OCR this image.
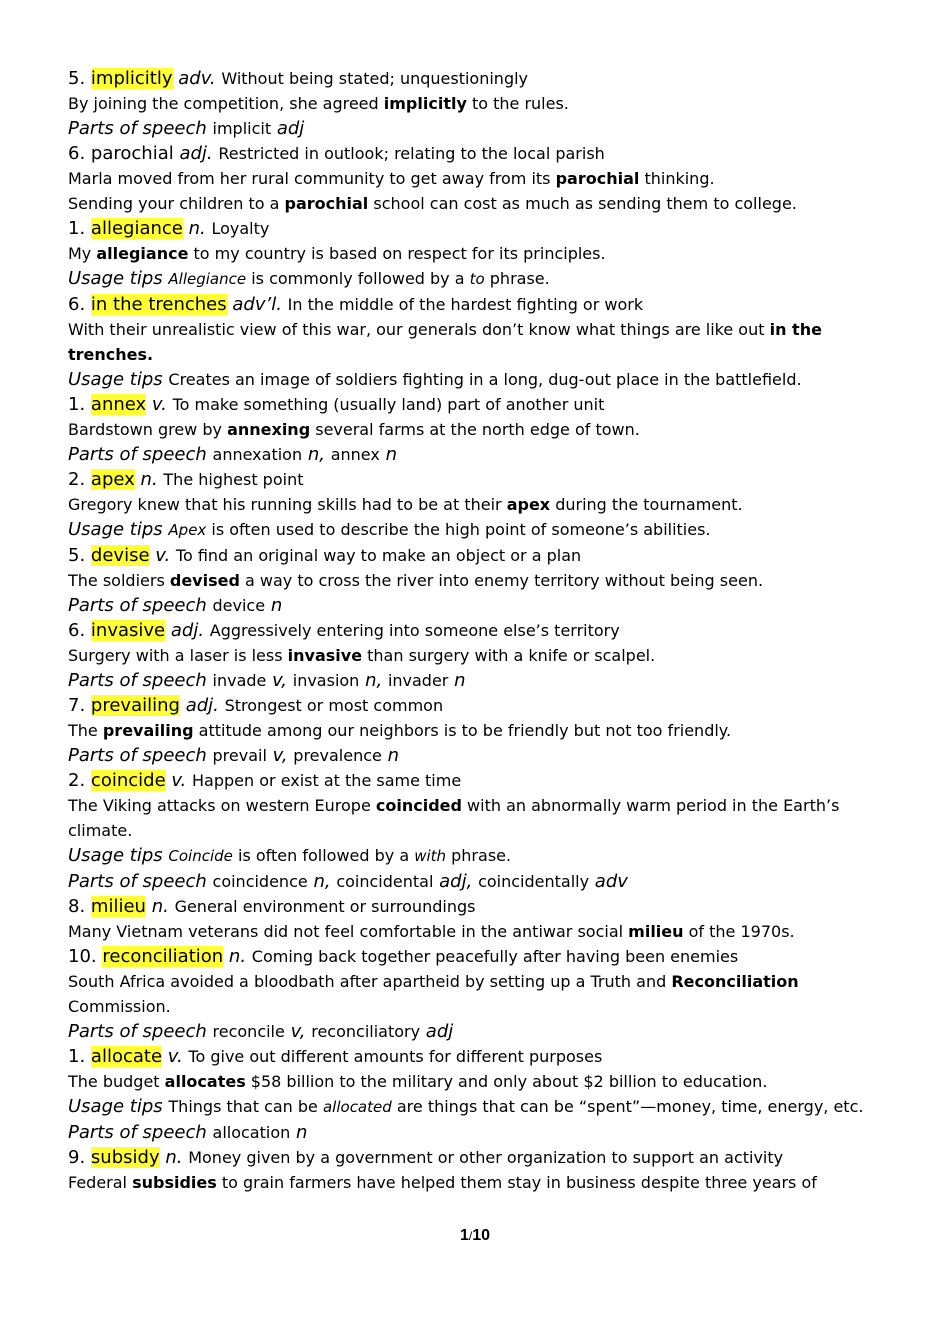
5. implicitly adv. Without being stated; unquestioningly
By joining the competition, she agreed implicitly to the rules.
Parts of speech implicit adj
6. parochial adj. Restricted in outlook; relating to the local parish
Marla moved from her rural community to get away from its parochial thinking.
Sending your children to a parochial school can cost as much as sending them to college.
1. allegiance n. Loyalty
My allegiance to my country is based on respect for its principles.
Usage tips Allegiance is commonly followed by a to phrase.
6. in the trenches adv’l. In the middle of the hardest fighting or work
With their unrealistic view of this war, our generals don’t know what things are like out in the trenches.
Usage tips Creates an image of soldiers fighting in a long, dug-out place in the battlefield.
1. annex v. To make something (usually land) part of another unit
Bardstown grew by annexing several farms at the north edge of town.
Parts of speech annexation n, annex n
2. apex n. The highest point
Gregory knew that his running skills had to be at their apex during the tournament.
Usage tips Apex is often used to describe the high point of someone’s abilities.
5. devise v. To find an original way to make an object or a plan
The soldiers devised a way to cross the river into enemy territory without being seen.
Parts of speech device n
6. invasive adj. Aggressively entering into someone else’s territory
Surgery with a laser is less invasive than surgery with a knife or scalpel.
Parts of speech invade v, invasion n, invader n
7. prevailing adj. Strongest or most common
The prevailing attitude among our neighbors is to be friendly but not too friendly.
Parts of speech prevail v, prevalence n
2. coincide v. Happen or exist at the same time
The Viking attacks on western Europe coincided with an abnormally warm period in the Earth’s climate.
Usage tips Coincide is often followed by a with phrase.
Parts of speech coincidence n, coincidental adj, coincidentally adv
8. milieu n. General environment or surroundings
Many Vietnam veterans did not feel comfortable in the antiwar social milieu of the 1970s.
10. reconciliation n. Coming back together peacefully after having been enemies
South Africa avoided a bloodbath after apartheid by setting up a Truth and Reconciliation Commission.
Parts of speech reconcile v, reconciliatory adj
1. allocate v. To give out different amounts for different purposes
The budget allocates $58 billion to the military and only about $2 billion to education.
Usage tips Things that can be allocated are things that can be “spent”—money, time, energy, etc.
Parts of speech allocation n
9. subsidy n. Money given by a government or other organization to support an activity
Federal subsidies to grain farmers have helped them stay in business despite three years of
1/10
